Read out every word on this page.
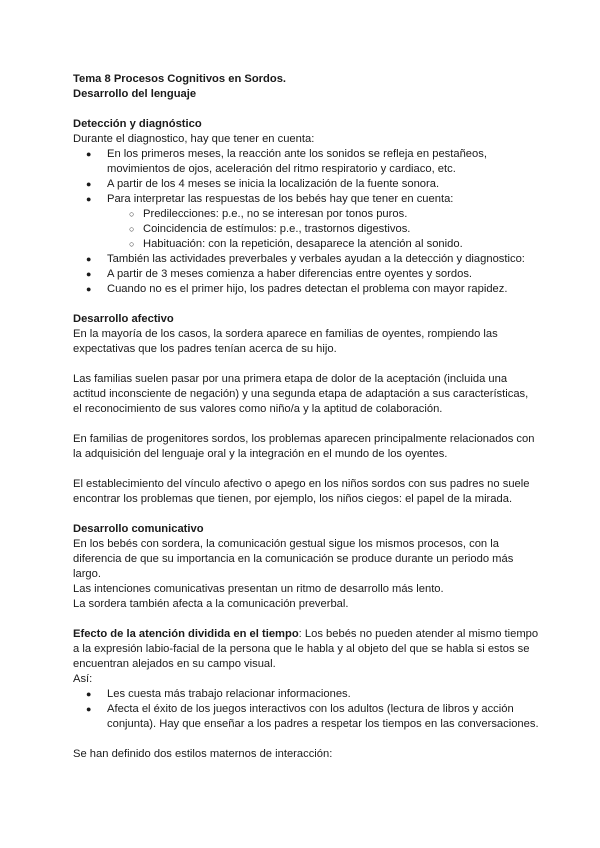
Tema 8 Procesos Cognitivos en Sordos.

Desarrollo del lenguaje

Detección y diagnóstico

Durante el diagnostico, hay que tener en cuenta:

● En los primeros meses, la reacción ante los sonidos se refleja en pestañeos, movimientos de ojos, aceleración del ritmo respiratorio y cardiaco, etc.
● A partir de los 4 meses se inicia la localización de la fuente sonora.
● Para interpretar las respuestas de los bebés hay que tener en cuenta:
○ Predilecciones: p.e., no se interesan por tonos puros.
○ Coincidencia de estímulos: p.e., trastornos digestivos.
○ Habituación: con la repetición, desaparece la atención al sonido.
● También las actividades preverbales y verbales ayudan a la detección y diagnostico:
● A partir de 3 meses comienza a haber diferencias entre oyentes y sordos.
● Cuando no es el primer hijo, los padres detectan el problema con mayor rapidez.

Desarrollo afectivo

En la mayoría de los casos, la sordera aparece en familias de oyentes, rompiendo las expectativas que los padres tenían acerca de su hijo.

Las familias suelen pasar por una primera etapa de dolor de la aceptación (incluida una actitud inconsciente de negación) y una segunda etapa de adaptación a sus características, el reconocimiento de sus valores como niño/a y la aptitud de colaboración.

En familias de progenitores sordos, los problemas aparecen principalmente relacionados con la adquisición del lenguaje oral y la integración en el mundo de los oyentes.

El establecimiento del vínculo afectivo o apego en los niños sordos con sus padres no suele encontrar los problemas que tienen, por ejemplo, los niños ciegos: el papel de la mirada.

Desarrollo comunicativo

En los bebés con sordera, la comunicación gestual sigue los mismos procesos, con la diferencia de que su importancia en la comunicación se produce durante un periodo más largo.

Las intenciones comunicativas presentan un ritmo de desarrollo más lento.

La sordera también afecta a la comunicación preverbal.

Efecto de la atención dividida en el tiempo: Los bebés no pueden atender al mismo tiempo a la expresión labio-facial de la persona que le habla y al objeto del que se habla si estos se encuentran alejados en su campo visual.

Así:

● Les cuesta más trabajo relacionar informaciones.
● Afecta el éxito de los juegos interactivos con los adultos (lectura de libros y acción conjunta). Hay que enseñar a los padres a respetar los tiempos en las conversaciones.

Se han definido dos estilos maternos de interacción:
